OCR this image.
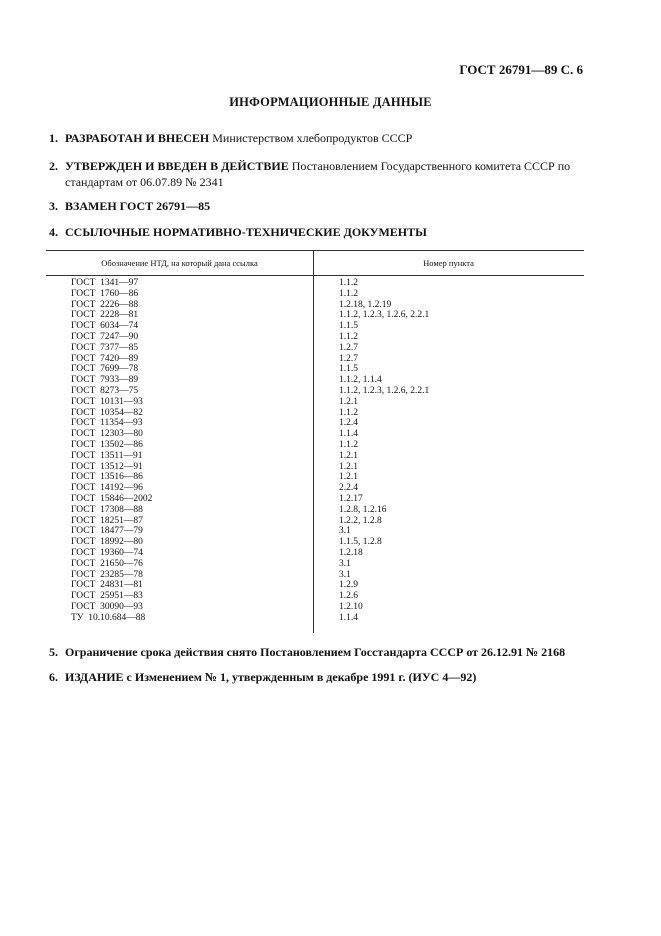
ГОСТ 26791—89 С. 6
ИНФОРМАЦИОННЫЕ ДАННЫЕ
1. РАЗРАБОТАН И ВНЕСЕН Министерством хлебопродуктов СССР
2. УТВЕРЖДЕН И ВВЕДЕН В ДЕЙСТВИЕ Постановлением Государственного комитета СССР по стандартам от 06.07.89 № 2341
3. ВЗАМЕН ГОСТ 26791—85
4. ССЫЛОЧНЫЕ НОРМАТИВНО-ТЕХНИЧЕСКИЕ ДОКУМЕНТЫ
Обозначение НТД, на который дана ссылка	Номер пункта
ГОСТ  1341—97	1.1.2
ГОСТ  1760—86	1.1.2
ГОСТ  2226—88	1.2.18, 1.2.19
ГОСТ  2228—81	1.1.2, 1.2.3, 1.2.6, 2.2.1
ГОСТ  6034—74	1.1.5
ГОСТ  7247—90	1.1.2
ГОСТ  7377—85	1.2.7
ГОСТ  7420—89	1.2.7
ГОСТ  7699—78	1.1.5
ГОСТ  7933—89	1.1.2, 1.1.4
ГОСТ  8273—75	1.1.2, 1.2.3, 1.2.6, 2.2.1
ГОСТ  10131—93	1.2.1
ГОСТ  10354—82	1.1.2
ГОСТ  11354—93	1.2.4
ГОСТ  12303—80	1.1.4
ГОСТ  13502—86	1.1.2
ГОСТ  13511—91	1.2.1
ГОСТ  13512—91	1.2.1
ГОСТ  13516—86	1.2.1
ГОСТ  14192—96	2.2.4
ГОСТ  15846—2002	1.2.17
ГОСТ  17308—88	1.2.8, 1.2.16
ГОСТ  18251—87	1.2.2, 1.2.8
ГОСТ  18477—79	3.1
ГОСТ  18992—80	1.1.5, 1.2.8
ГОСТ  19360—74	1.2.18
ГОСТ  21650—76	3.1
ГОСТ  23285—78	3.1
ГОСТ  24831—81	1.2.9
ГОСТ  25951—83	1.2.6
ГОСТ  30090—93	1.2.10
ТУ  10.10.684—88	1.1.4
5. Ограничение срока действия снято Постановлением Госстандарта СССР от 26.12.91 № 2168
6. ИЗДАНИЕ с Изменением № 1, утвержденным в декабре 1991 г. (ИУС 4—92)
